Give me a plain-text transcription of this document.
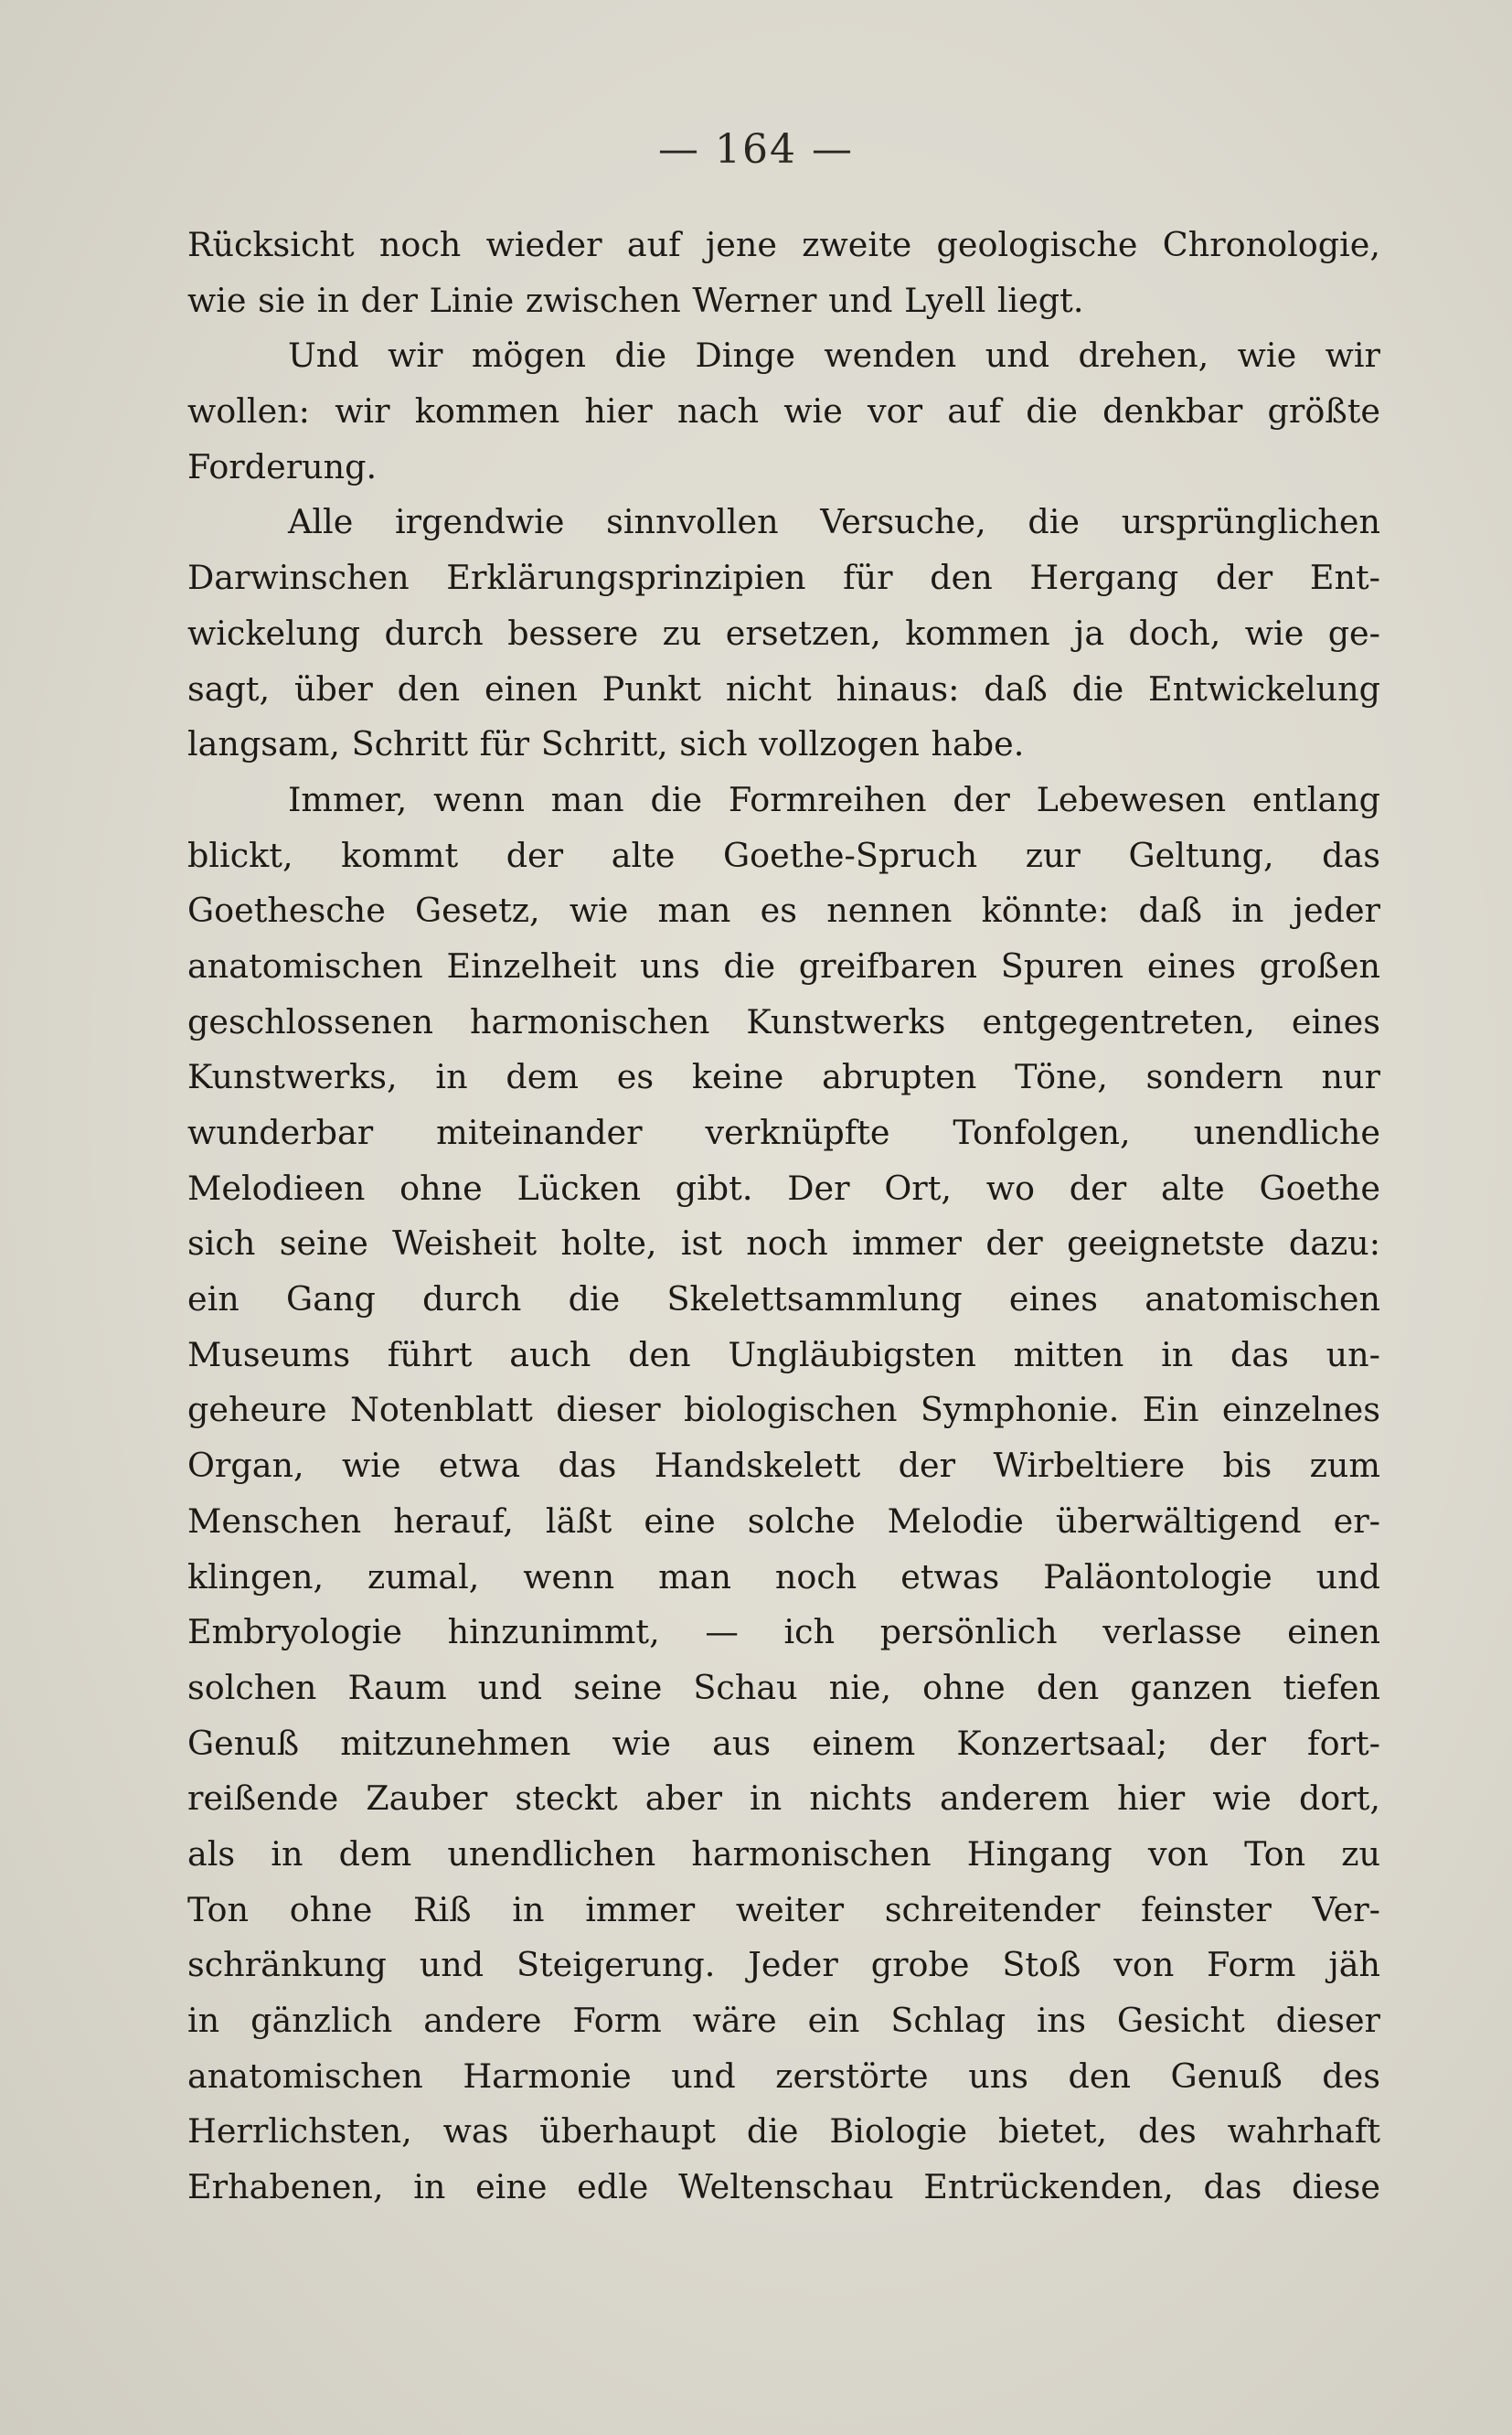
— 164 —
Rücksicht noch wieder auf jene zweite geologische Chronologie,
wie sie in der Linie zwischen Werner und Lyell liegt.
Und wir mögen die Dinge wenden und drehen, wie wir
wollen: wir kommen hier nach wie vor auf die denkbar größte
Forderung.
Alle irgendwie sinnvollen Versuche, die ursprünglichen
Darwinschen Erklärungsprinzipien für den Hergang der Ent-
wickelung durch bessere zu ersetzen, kommen ja doch, wie ge-
sagt, über den einen Punkt nicht hinaus: daß die Entwickelung
langsam, Schritt für Schritt, sich vollzogen habe.
Immer, wenn man die Formreihen der Lebewesen entlang
blickt, kommt der alte Goethe-Spruch zur Geltung, das
Goethesche Gesetz, wie man es nennen könnte: daß in jeder
anatomischen Einzelheit uns die greifbaren Spuren eines großen
geschlossenen harmonischen Kunstwerks entgegentreten, eines
Kunstwerks, in dem es keine abrupten Töne, sondern nur
wunderbar miteinander verknüpfte Tonfolgen, unendliche
Melodieen ohne Lücken gibt. Der Ort, wo der alte Goethe
sich seine Weisheit holte, ist noch immer der geeignetste dazu:
ein Gang durch die Skelettsammlung eines anatomischen
Museums führt auch den Ungläubigsten mitten in das un-
geheure Notenblatt dieser biologischen Symphonie. Ein einzelnes
Organ, wie etwa das Handskelett der Wirbeltiere bis zum
Menschen herauf, läßt eine solche Melodie überwältigend er-
klingen, zumal, wenn man noch etwas Paläontologie und
Embryologie hinzunimmt, — ich persönlich verlasse einen
solchen Raum und seine Schau nie, ohne den ganzen tiefen
Genuß mitzunehmen wie aus einem Konzertsaal; der fort-
reißende Zauber steckt aber in nichts anderem hier wie dort,
als in dem unendlichen harmonischen Hingang von Ton zu
Ton ohne Riß in immer weiter schreitender feinster Ver-
schränkung und Steigerung. Jeder grobe Stoß von Form jäh
in gänzlich andere Form wäre ein Schlag ins Gesicht dieser
anatomischen Harmonie und zerstörte uns den Genuß des
Herrlichsten, was überhaupt die Biologie bietet, des wahrhaft
Erhabenen, in eine edle Weltenschau Entrückenden, das diese
